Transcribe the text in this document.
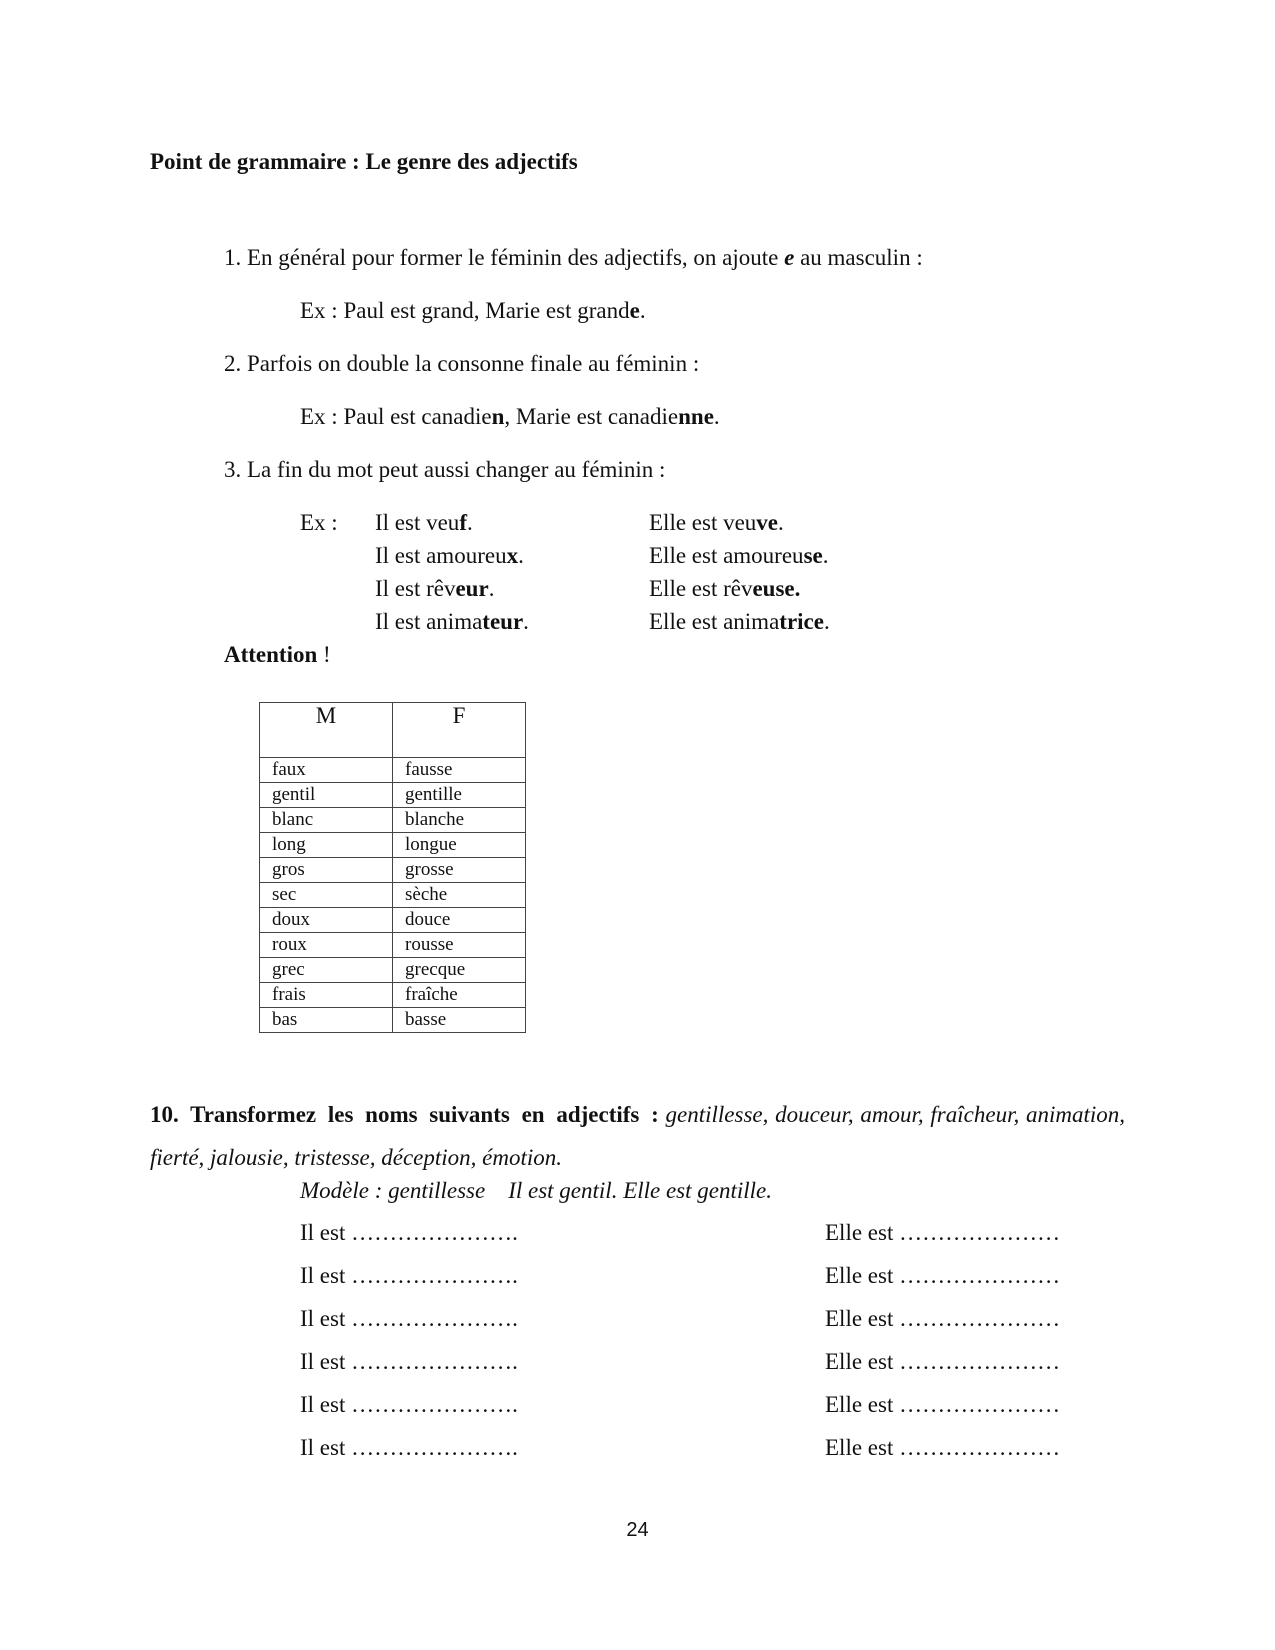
Point de grammaire : Le genre des adjectifs
1. En général pour former le féminin des adjectifs, on ajoute e au masculin :
Ex : Paul est grand, Marie est grande.
2. Parfois on double la consonne finale au féminin :
Ex : Paul est canadien, Marie est canadienne.
3. La fin du mot peut aussi changer au féminin :
Ex : Il est veuf.	Elle est veuve.
Il est amoureux.	Elle est amoureuse.
Il est rêveur.	Elle est rêveuse.
Il est animateur.	Elle est animatrice.
Attention !
M	F
faux	fausse
gentil	gentille
blanc	blanche
long	longue
gros	grosse
sec	sèche
doux	douce
roux	rousse
grec	grecque
frais	fraîche
bas	basse
10. Transformez les noms suivants en adjectifs : gentillesse, douceur, amour, fraîcheur, animation, fierté, jalousie, tristesse, déception, émotion.
Modèle : gentillesse    Il est gentil. Elle est gentille.
Il est ………………….	Elle est …………………
Il est ………………….	Elle est …………………
Il est ………………….	Elle est …………………
Il est ………………….	Elle est …………………
Il est ………………….	Elle est …………………
Il est ………………….	Elle est …………………
24
